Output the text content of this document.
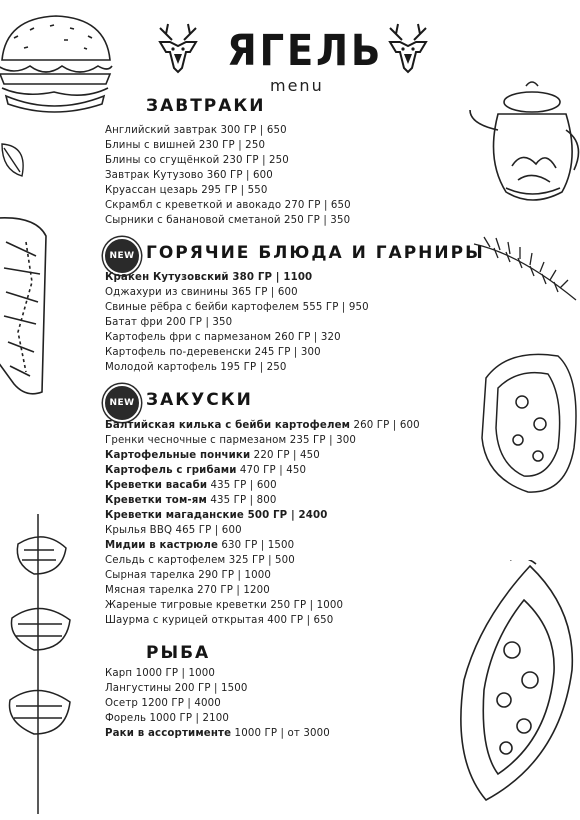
ЯГЕЛЬ
menu
ЗАВТРАКИ
Английский завтрак 300 ГР | 650
Блины с вишней 230 ГР | 250
Блины со сгущёнкой 230 ГР | 250
Завтрак Кутузово 360 ГР | 600
Круассан цезарь 295 ГР | 550
Скрамбл с креветкой и авокадо 270 ГР | 650
Сырники с банановой сметаной 250 ГР | 350
NEW ГОРЯЧИЕ БЛЮДА И ГАРНИРЫ
Кракен Кутузовский 380 ГР | 1100
Оджахури из свинины 365 ГР | 600
Свиные рёбра с бейби картофелем 555 ГР | 950
Батат фри 200 ГР | 350
Картофель фри с пармезаном 260 ГР | 320
Картофель по-деревенски 245 ГР | 300
Молодой картофель 195 ГР | 250
NEW ЗАКУСКИ
Балтийская килька с бейби картофелем 260 ГР | 600
Гренки чесночные с пармезаном 235 ГР | 300
Картофельные пончики 220 ГР | 450
Картофель с грибами 470 ГР | 450
Креветки васаби 435 ГР | 600
Креветки том-ям 435 ГР | 800
Креветки магаданские 500 ГР | 2400
Крылья BBQ 465 ГР | 600
Мидии в кастрюле 630 ГР | 1500
Сельдь с картофелем 325 ГР | 500
Сырная тарелка 290 ГР | 1000
Мясная тарелка 270 ГР | 1200
Жареные тигровые креветки 250 ГР | 1000
Шаурма с курицей открытая 400 ГР | 650
РЫБА
Карп 1000 ГР | 1000
Лангустины 200 ГР | 1500
Осетр 1200 ГР | 4000
Форель 1000 ГР | 2100
Раки в ассортименте 1000 ГР | от 3000
